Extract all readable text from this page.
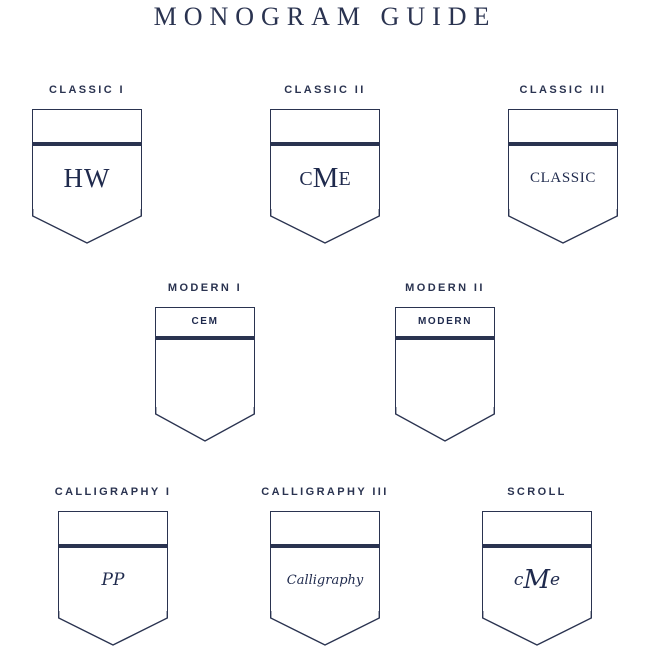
MONOGRAM GUIDE
CLASSIC I
HW
CLASSIC II
CME
CLASSIC III
CLASSIC
MODERN I
CEM
MODERN II
MODERN
CALLIGRAPHY I
PP
CALLIGRAPHY III
Calligraphy
SCROLL
cMe
